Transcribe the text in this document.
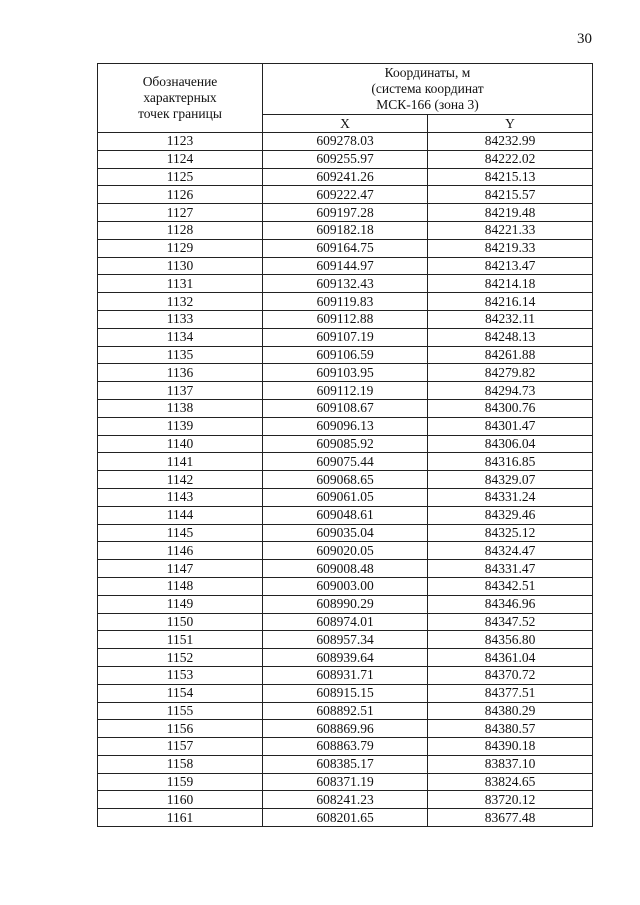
30
Обозначение
характерных
точек границы	Координаты, м
(система координат
МСК-166 (зона 3)	

	X	Y
1123	609278.03	84232.99
1124	609255.97	84222.02
1125	609241.26	84215.13
1126	609222.47	84215.57
1127	609197.28	84219.48
1128	609182.18	84221.33
1129	609164.75	84219.33
1130	609144.97	84213.47
1131	609132.43	84214.18
1132	609119.83	84216.14
1133	609112.88	84232.11
1134	609107.19	84248.13
1135	609106.59	84261.88
1136	609103.95	84279.82
1137	609112.19	84294.73
1138	609108.67	84300.76
1139	609096.13	84301.47
1140	609085.92	84306.04
1141	609075.44	84316.85
1142	609068.65	84329.07
1143	609061.05	84331.24
1144	609048.61	84329.46
1145	609035.04	84325.12
1146	609020.05	84324.47
1147	609008.48	84331.47
1148	609003.00	84342.51
1149	608990.29	84346.96
1150	608974.01	84347.52
1151	608957.34	84356.80
1152	608939.64	84361.04
1153	608931.71	84370.72
1154	608915.15	84377.51
1155	608892.51	84380.29
1156	608869.96	84380.57
1157	608863.79	84390.18
1158	608385.17	83837.10
1159	608371.19	83824.65
1160	608241.23	83720.12
1161	608201.65	83677.48
